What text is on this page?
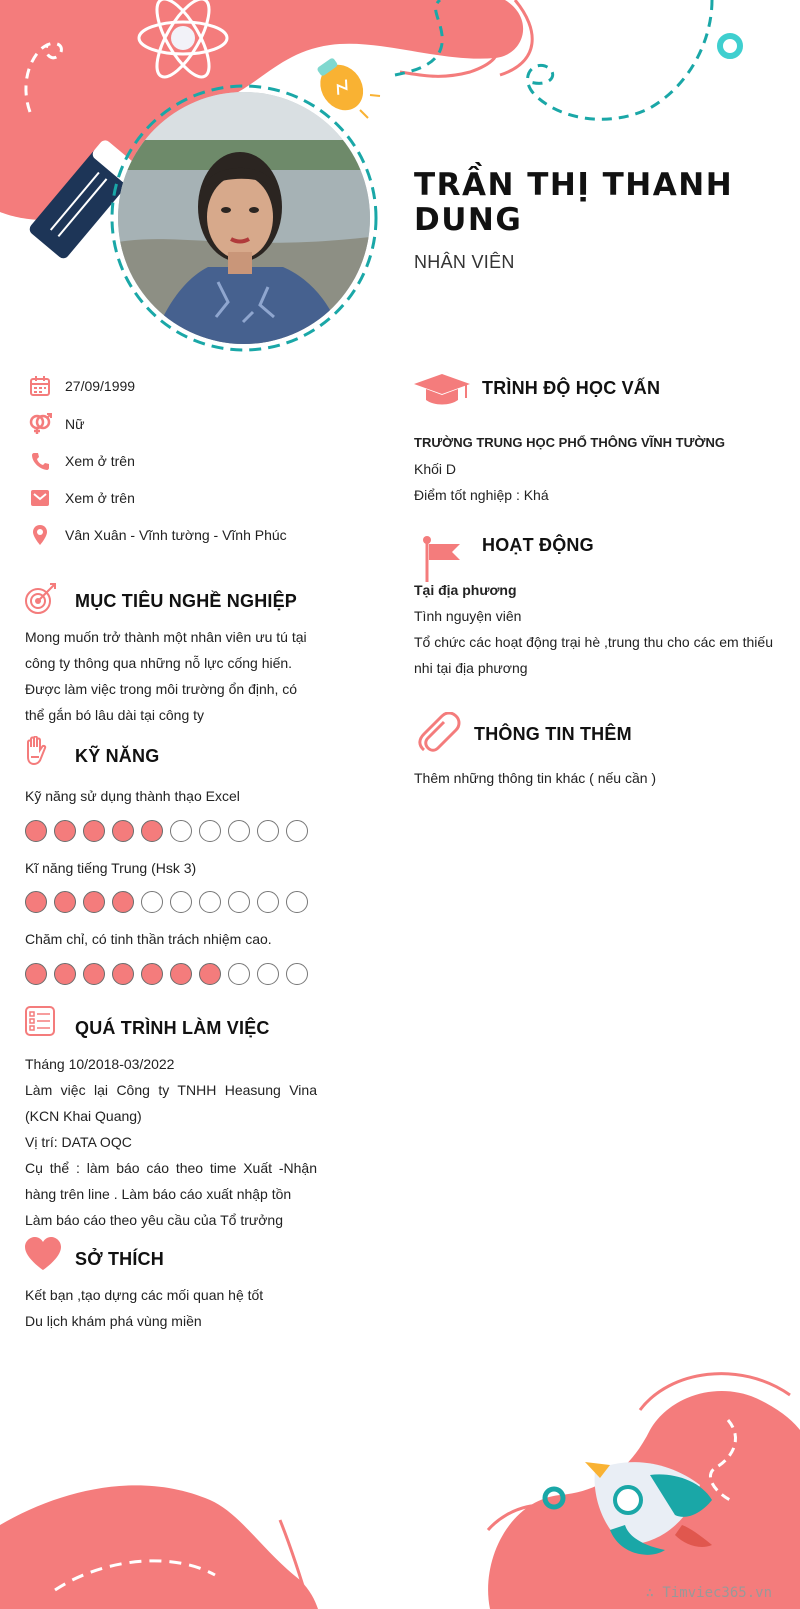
TRẦN THỊ THANH DUNG
NHÂN VIÊN
27/09/1999
Nữ
Xem ở trên
Xem ở trên
Vân Xuân - Vĩnh tường - Vĩnh Phúc
MỤC TIÊU NGHỀ NGHIỆP

Mong muốn trở thành một nhân viên ưu tú tại công ty thông qua những nỗ lực cống hiến.

Được làm việc trong môi trường ổn định, có thể gắn bó lâu dài tại công ty

KỸ NĂNG
Kỹ năng sử dụng thành thạo Excel
Kĩ năng tiếng Trung (Hsk 3)
Chăm chỉ, có tinh thần trách nhiệm cao.
QUÁ TRÌNH LÀM VIỆC

Tháng 10/2018-03/2022

Làm việc lại Công ty TNHH Heasung Vina (KCN Khai Quang)

Vị trí: DATA OQC

Cụ thể : làm báo cáo theo time Xuất -Nhận hàng trên line . Làm báo cáo xuất nhập tồn

Làm báo cáo theo yêu cầu của Tổ trưởng

SỞ THÍCH

Kết bạn ,tạo dựng các mối quan hệ tốt

Du lịch khám phá vùng miền

TRÌNH ĐỘ HỌC VẤN

TRƯỜNG TRUNG HỌC PHỔ THÔNG VĨNH TƯỜNG

Khối D

Điểm tốt nghiệp : Khá

HOẠT ĐỘNG

Tại địa phương

Tình nguyện viên

Tổ chức các hoạt động trại hè ,trung thu cho các em thiếu nhi tại địa phương

THÔNG TIN THÊM
Thêm những thông tin khác ( nếu cần )
∴ Timviec365.vn
